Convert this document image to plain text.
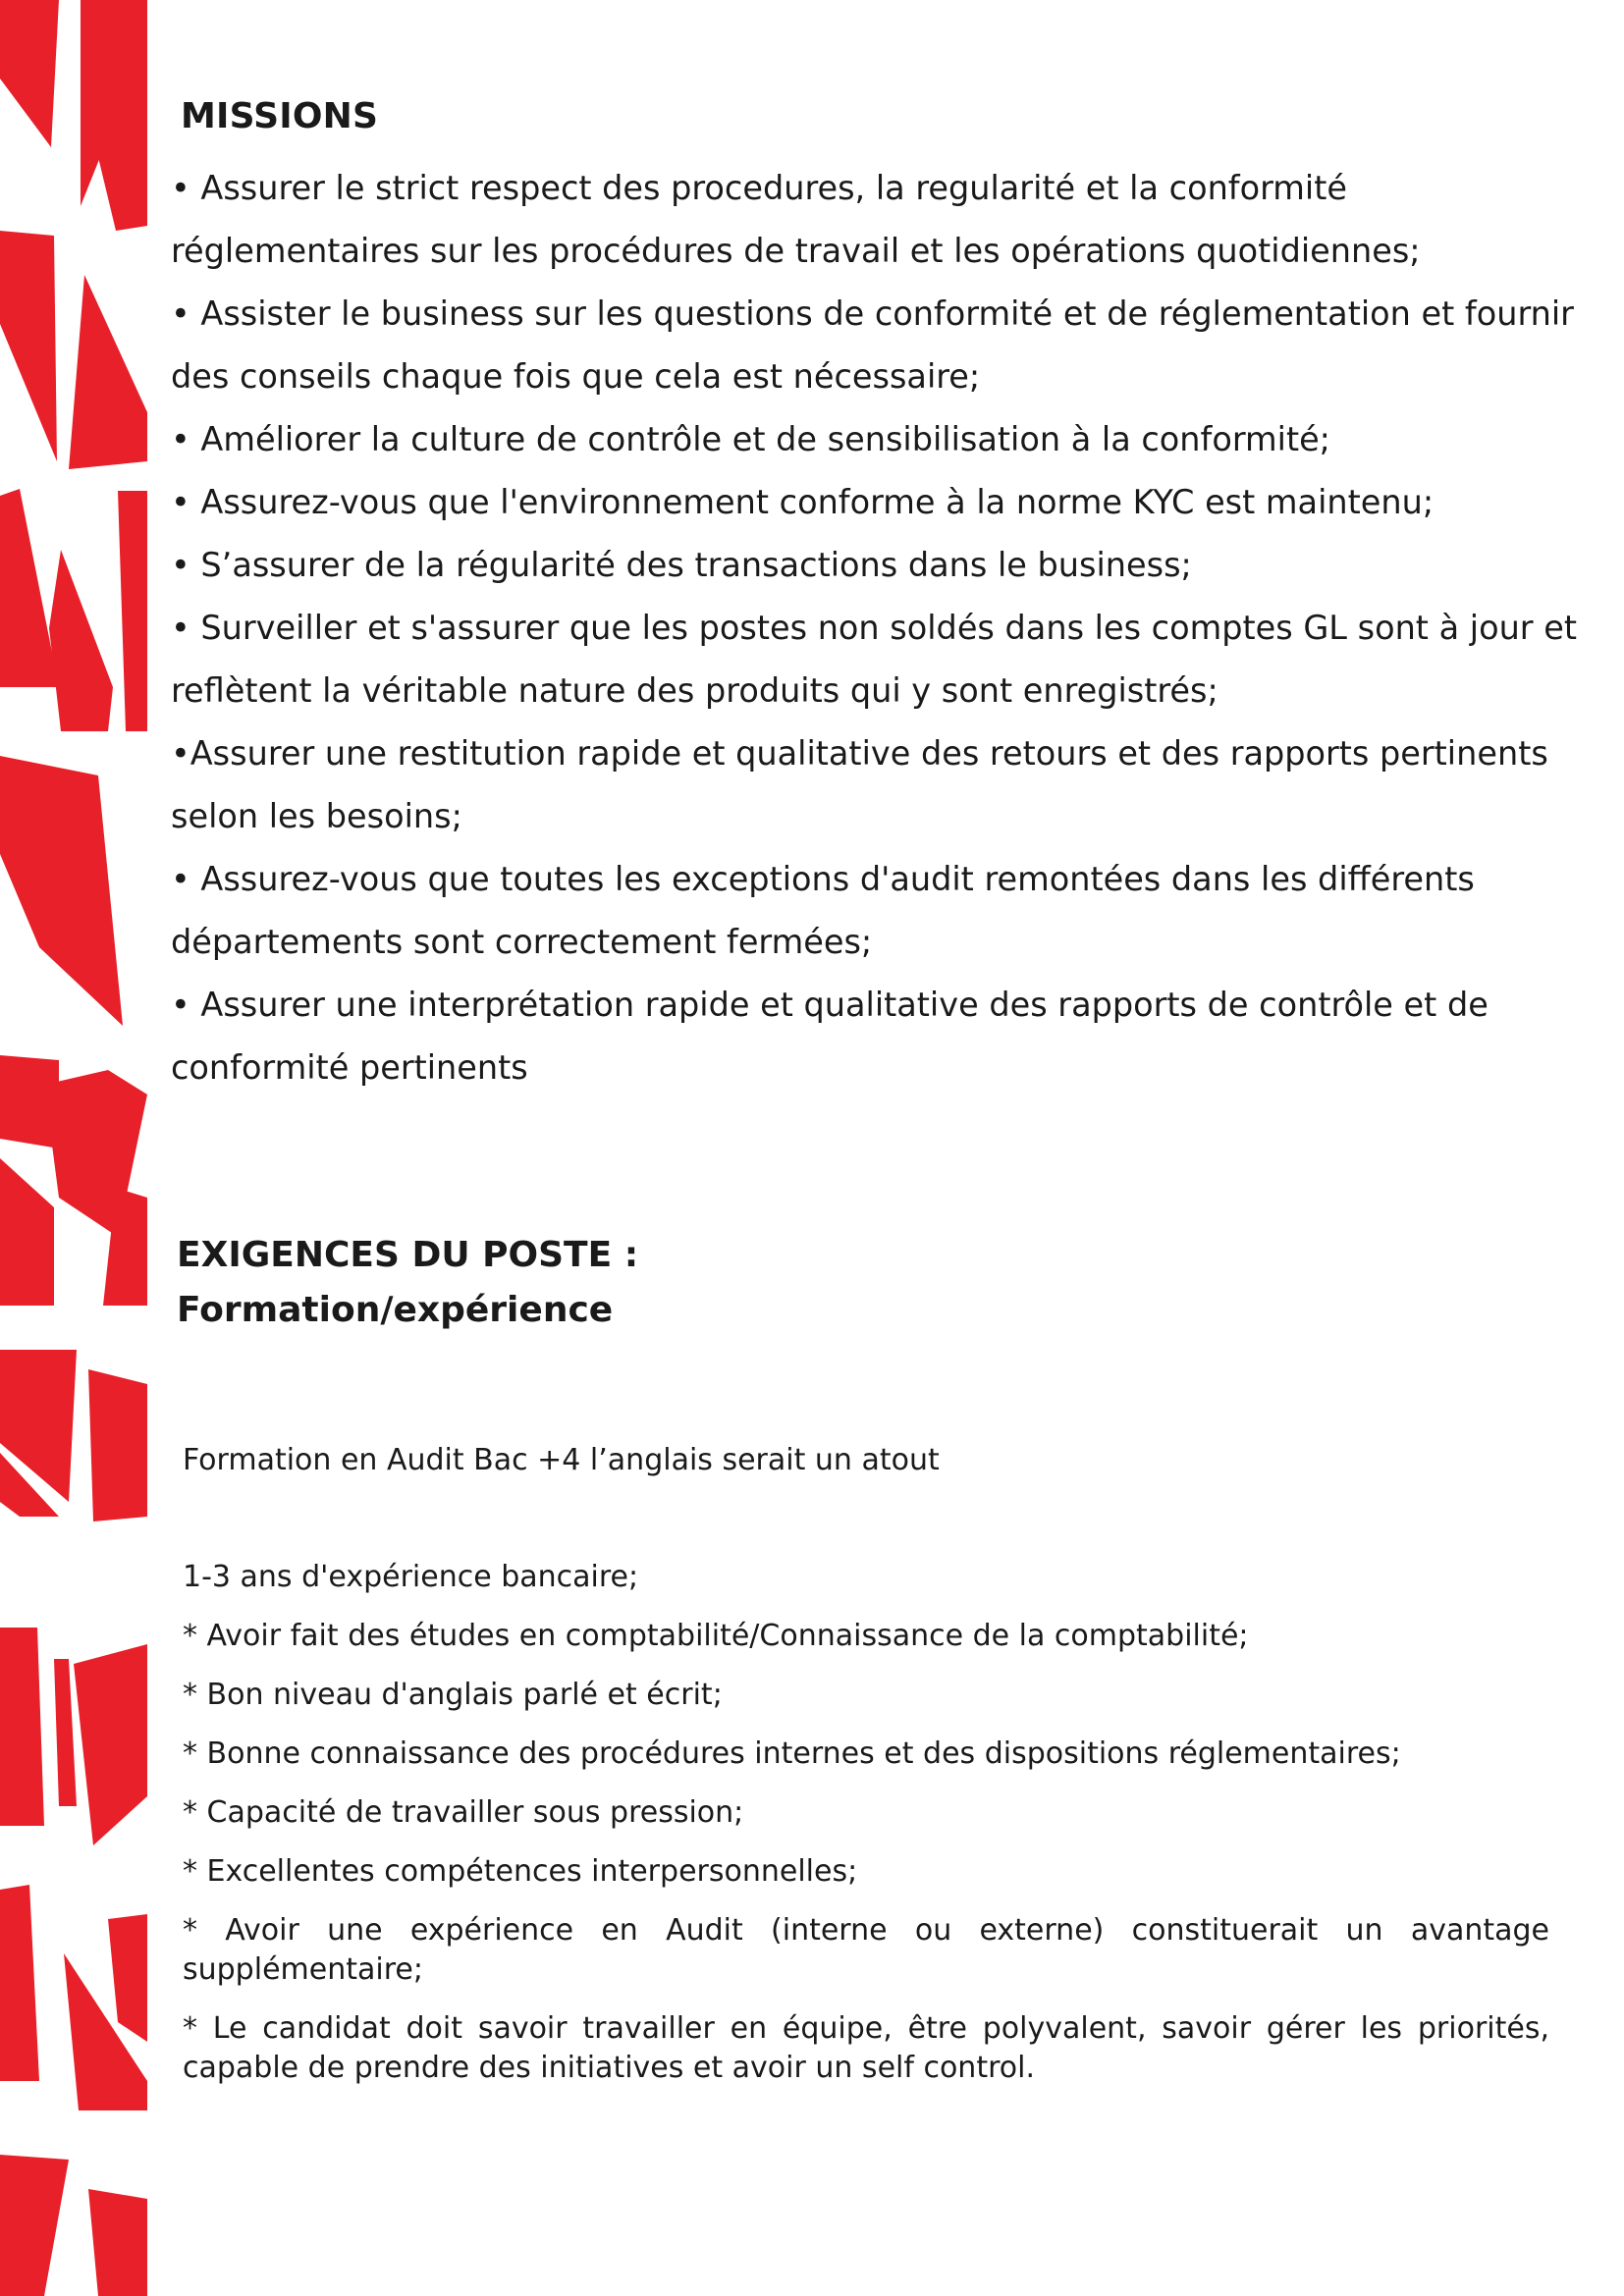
MISSIONS
• Assurer le strict respect des procedures, la regularité et la conformité réglementaires sur les procédures de travail et les opérations quotidiennes;
• Assister le business sur les questions de conformité et de réglementation et fournir des conseils chaque fois que cela est nécessaire;
• Améliorer la culture de contrôle et de sensibilisation à la conformité;
• Assurez-vous que l'environnement conforme à la norme KYC est maintenu;
• S’assurer de la régularité des transactions dans le business;
• Surveiller et s'assurer que les postes non soldés dans les comptes GL sont à jour et reflètent la véritable nature des produits qui y sont enregistrés;
•Assurer une restitution rapide et qualitative des retours et des rapports pertinents selon les besoins;
• Assurez-vous que toutes les exceptions d'audit remontées dans les différents départements sont correctement fermées;
• Assurer une interprétation rapide et qualitative des rapports de contrôle et de conformité pertinents
EXIGENCES DU POSTE :
Formation/expérience

Formation en Audit Bac +4 l’anglais serait un atout

1-3 ans d'expérience bancaire;
* Avoir fait des études en comptabilité/Connaissance de la comptabilité;
* Bon niveau d'anglais parlé et écrit;
* Bonne connaissance des procédures internes et des dispositions réglementaires;
* Capacité de travailler sous pression;
* Excellentes compétences interpersonnelles;
* Avoir une expérience en Audit (interne ou externe) constituerait un avantage supplémentaire;
* Le candidat doit savoir travailler en équipe, être polyvalent, savoir gérer les priorités, capable de prendre des initiatives et avoir un self control.
